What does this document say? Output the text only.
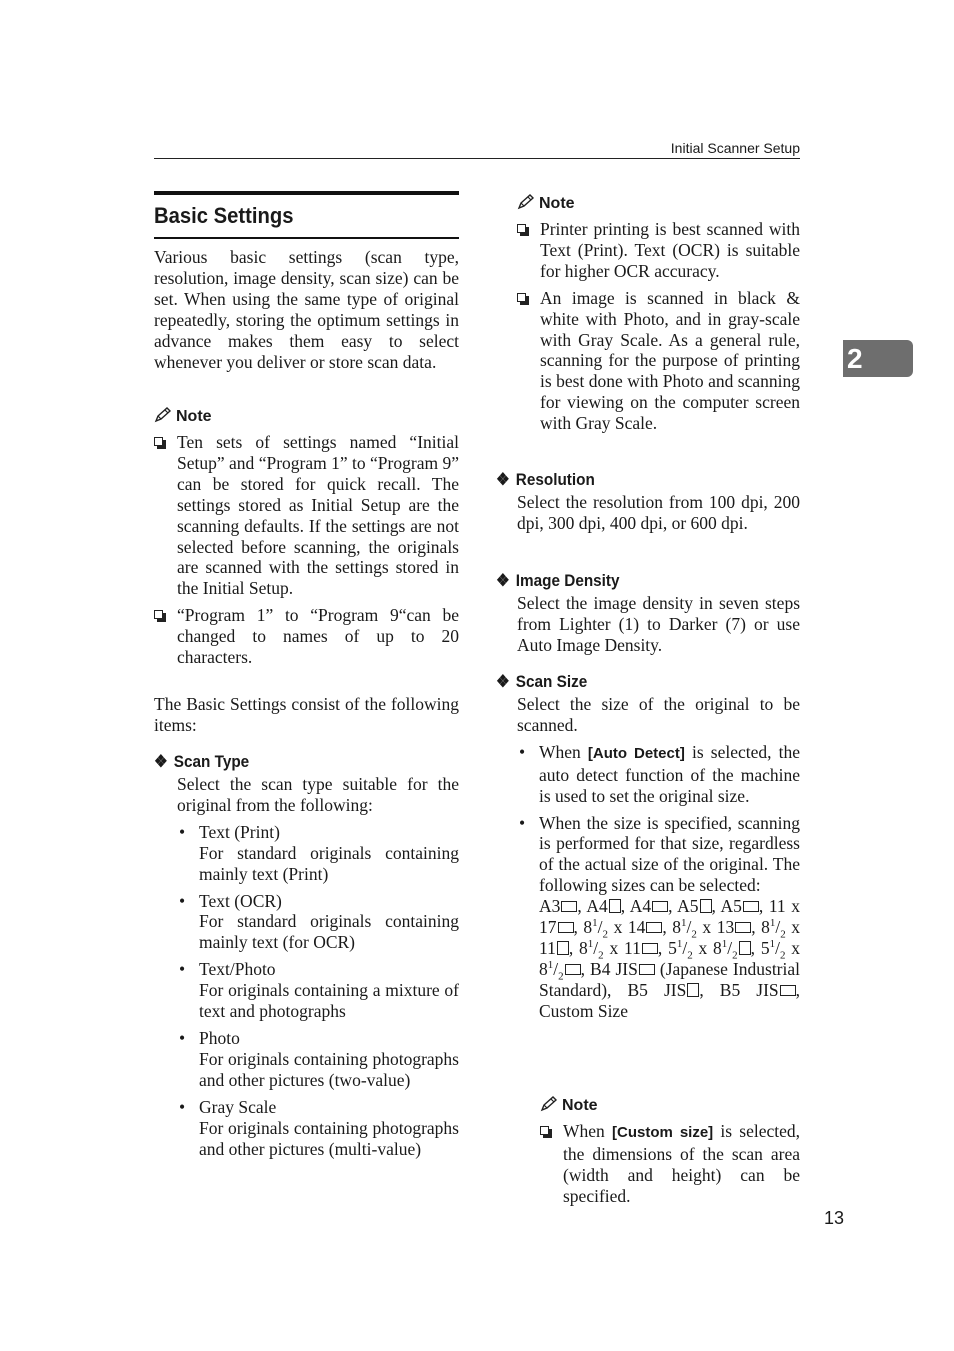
Initial Scanner Setup
2
13
Basic Settings

Various basic settings (scan type, resolution, image density, scan size) can be set. When using the same type of original repeatedly, storing the optimum settings in advance makes them easy to select whenever you deliver or store scan data.

Note
Ten sets of settings named “Initial Setup” and “Program 1” to “Program 9” can be stored for quick recall. The settings stored as Initial Setup are the scanning defaults. If the settings are not selected before scanning, the originals are scanned with the settings stored in the Initial Setup.
“Program 1” to “Program 9“can be changed to names of up to 20 characters.

The Basic Settings consist of the following items:

❖ Scan Type

Select the scan type suitable for the original from the following:

• Text (Print)

For standard originals containing mainly text (Print)

• Text (OCR)

For standard originals containing mainly text (for OCR)

• Text/Photo

For originals containing a mixture of text and photographs

• Photo

For originals containing photographs and other pictures (two-value)

• Gray Scale

For originals containing photographs and other pictures (multi-value)

Note
Printer printing is best scanned with Text (Print). Text (OCR) is suitable for higher OCR accuracy.
An image is scanned in black & white with Photo, and in gray-scale with Gray Scale. As a general rule, scanning for the purpose of printing is best done with Photo and scanning for viewing on the computer screen with Gray Scale.
❖ Resolution

Select the resolution from 100 dpi, 200 dpi, 300 dpi, 400 dpi, or 600 dpi.

❖ Image Density

Select the image density in seven steps from Lighter (1) to Darker (7) or use Auto Image Density.

❖ Scan Size

Select the size of the original to be scanned.

• When [Auto Detect] is selected, the auto detect function of the machine is used to set the original size.

• When the size is specified, scanning is performed for that size, regardless of the actual size of the original. The following sizes can be selected:

A3 , A4 , A4 , A5 , A5 , 11 x 17 , $8^1/_2$ x 14 , $8^1/_2$ x 13 , $8^1/_2$ x 11 , $8^1/_2$ x 11 , $5^1/_2$ x $8^1/_2$ , $5^1/_2$ x $8^1/_2$ , B4 JIS (Japanese Industrial Standard), B5 JIS , B5 JIS , Custom Size

Note
When [Custom size] is selected, the dimensions of the scan area (width and height) can be specified.
